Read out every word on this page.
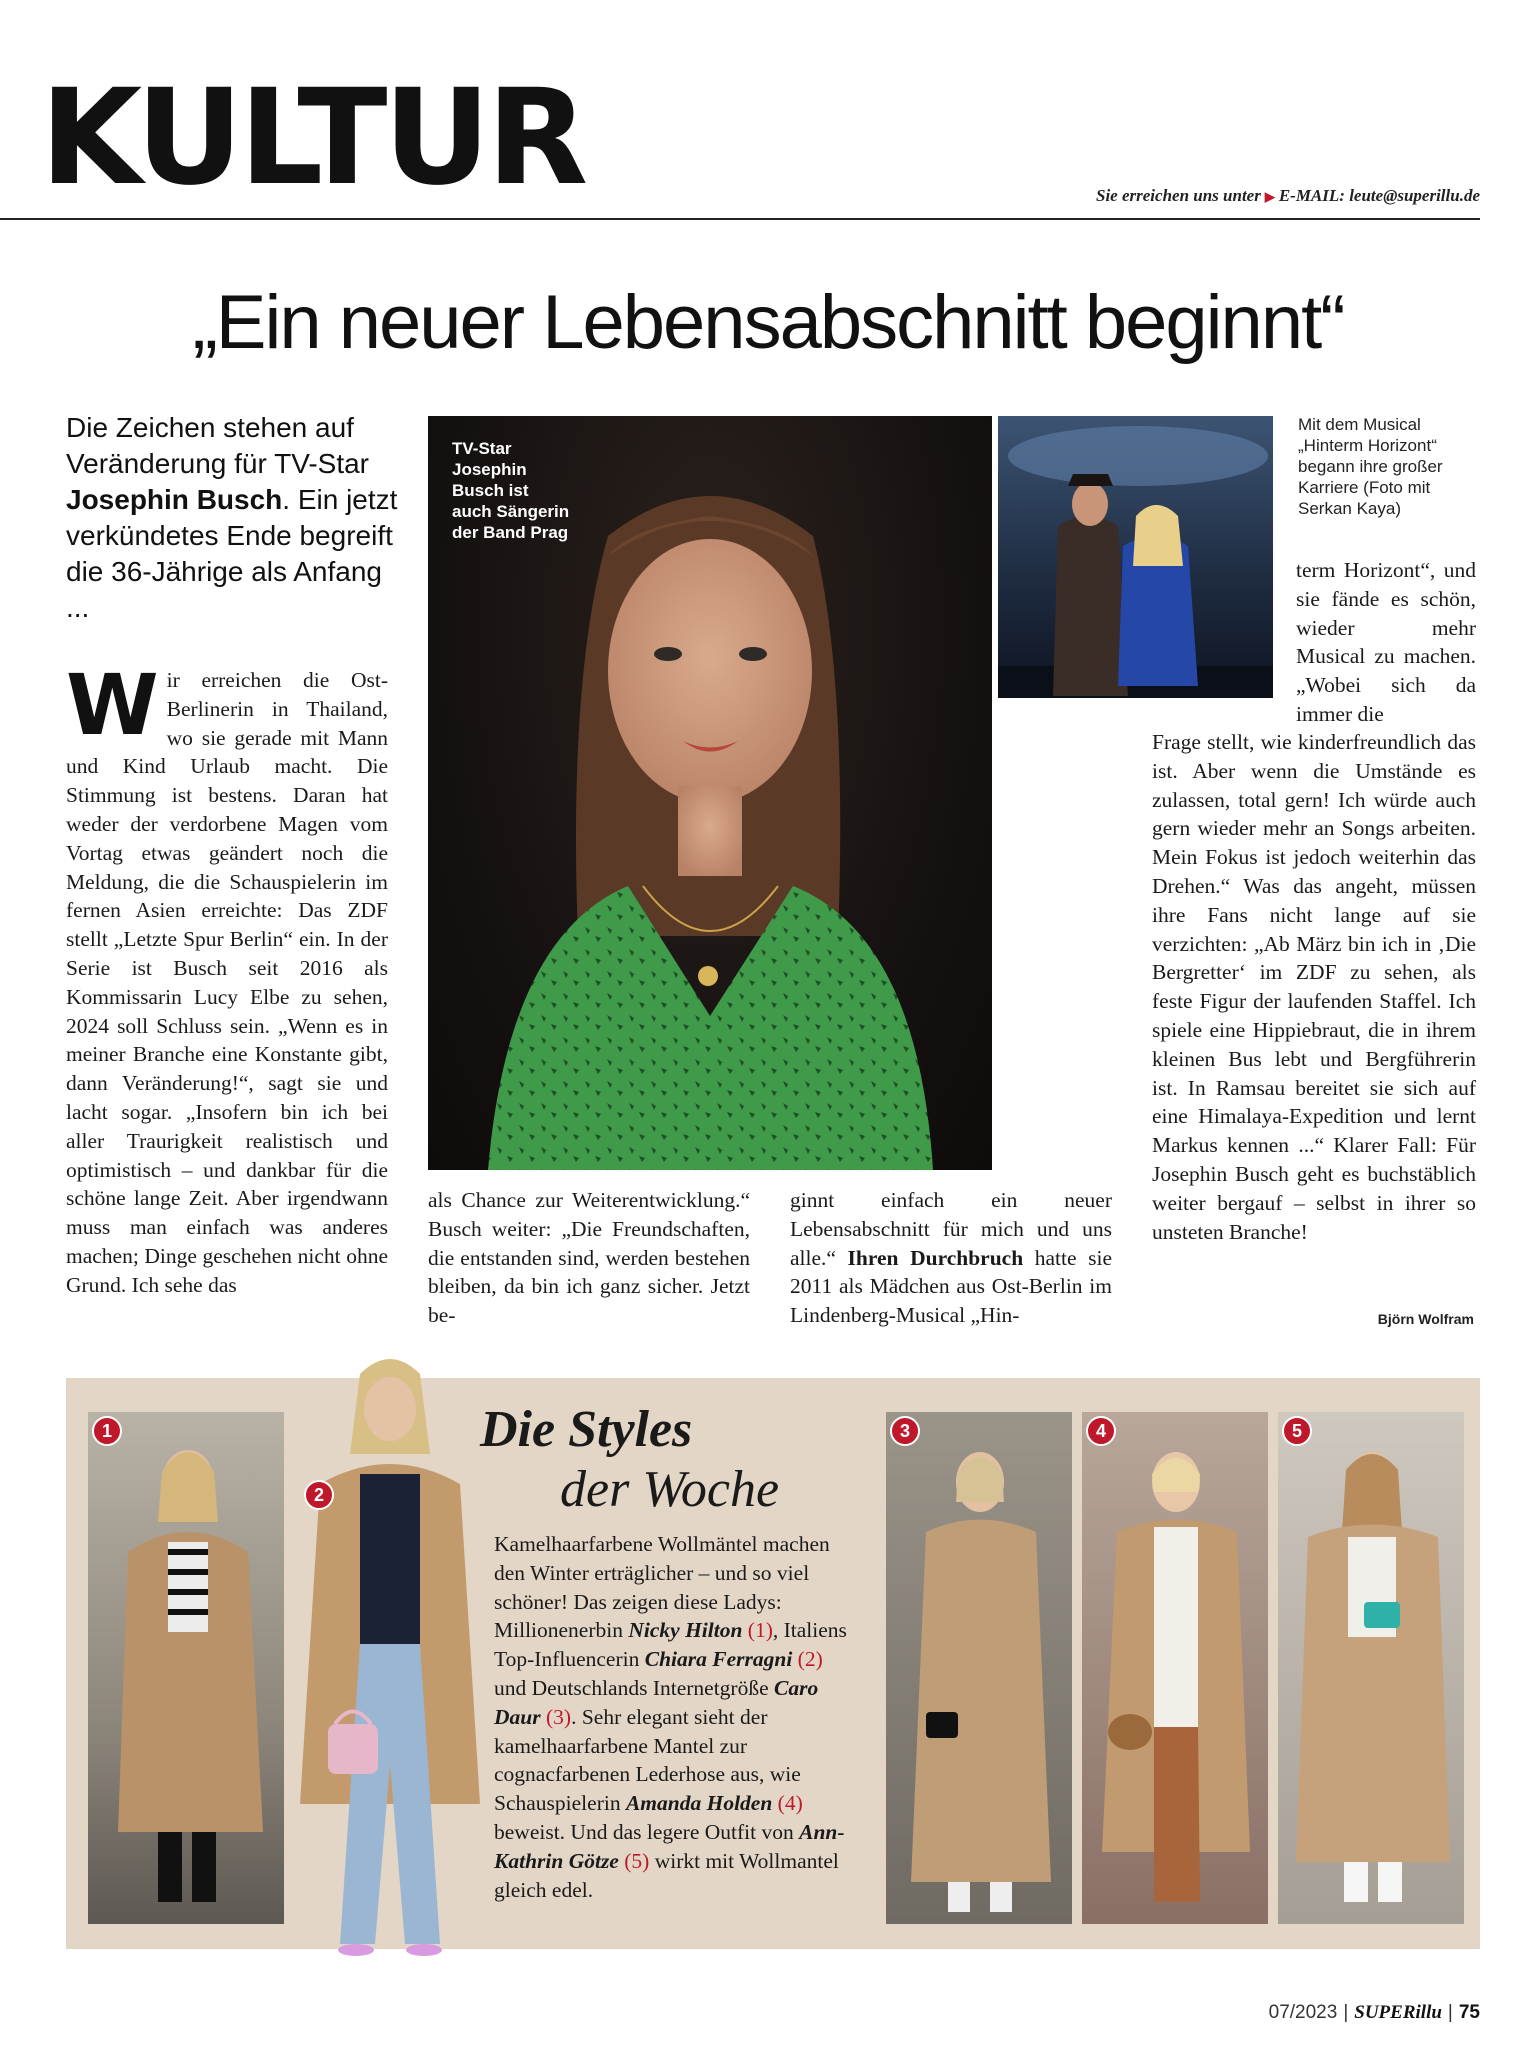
KULTUR	Sie erreichen uns unter ▶ E-MAIL: leute@superillu.de
„Ein neuer Lebensabschnitt beginnt“
Die Zeichen stehen auf Veränderung für TV-Star Josephin Busch. Ein jetzt verkündetes Ende begreift die 36-Jährige als Anfang ...
W ir erreichen die Ost-Berlinerin in Thailand, wo sie gerade mit Mann und Kind Urlaub macht. Die Stimmung ist bestens. Daran hat weder der verdorbene Magen vom Vortag etwas geändert noch die Meldung, die die Schauspielerin im fernen Asien erreichte: Das ZDF stellt „Letzte Spur Berlin“ ein. In der Serie ist Busch seit 2016 als Kommissarin Lucy Elbe zu sehen, 2024 soll Schluss sein. „Wenn es in meiner Branche eine Konstante gibt, dann Veränderung!“, sagt sie und lacht sogar. „Insofern bin ich bei aller Traurigkeit realistisch und optimistisch – und dankbar für die schöne lange Zeit. Aber irgendwann muss man einfach was anderes machen; Dinge geschehen nicht ohne Grund. Ich sehe das

TV-Star Josephin Busch ist auch Sängerin der Band Prag
Mit dem Musical „Hinterm Horizont“ begann ihre großer Karriere (Foto mit Serkan Kaya)

als Chance zur Weiterentwicklung.“ Busch weiter: „Die Freundschaften, die entstanden sind, werden bestehen bleiben, da bin ich ganz sicher. Jetzt be-

ginnt einfach ein neuer Lebensabschnitt für mich und uns alle.“ Ihren Durchbruch hatte sie 2011 als Mädchen aus Ost-Berlin im Lindenberg-Musical „Hin-

term Horizont“, und sie fände es schön, wieder mehr Musical zu machen. „Wobei sich da immer die

Frage stellt, wie kinderfreundlich das ist. Aber wenn die Umstände es zulassen, total gern! Ich würde auch gern wieder mehr an Songs arbeiten. Mein Fokus ist jedoch weiterhin das Drehen.“ Was das angeht, müssen ihre Fans nicht lange auf sie verzichten: „Ab März bin ich in ‚Die Bergretter‘ im ZDF zu sehen, als feste Figur der laufenden Staffel. Ich spiele eine Hippiebraut, die in ihrem kleinen Bus lebt und Bergführerin ist. In Ramsau bereitet sie sich auf eine Himalaya-Expedition und lernt Markus kennen ...“ Klarer Fall: Für Josephin Busch geht es buchstäblich weiter bergauf – selbst in ihrer so unsteten Branche!

Björn Wolfram
1
2
Die Styles
der Woche
Kamelhaarfarbene Wollmäntel machen den Winter erträglicher – und so viel schöner! Das zeigen diese Ladys: Millionenerbin Nicky Hilton (1), Italiens Top-Influencerin Chiara Ferragni (2) und Deutschlands Internetgröße Caro Daur (3). Sehr elegant sieht der kamelhaarfarbene Mantel zur cognacfarbenen Lederhose aus, wie Schauspielerin Amanda Holden (4) beweist. Und das legere Outfit von Ann-Kathrin Götze (5) wirkt mit Wollmantel gleich edel.
3	4	5
07/2023 | SUPERillu | 75
